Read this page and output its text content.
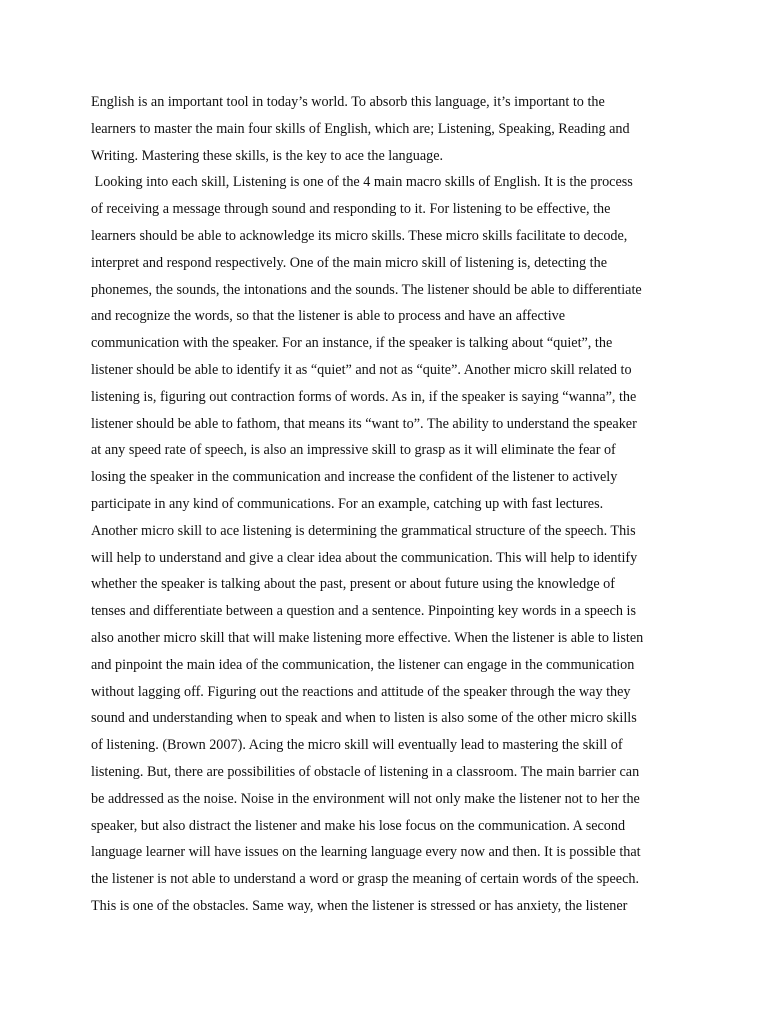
English is an important tool in today’s world. To absorb this language, it’s important to the
learners to master the main four skills of English, which are; Listening, Speaking, Reading and
Writing. Mastering these skills, is the key to ace the language.
Looking into each skill, Listening is one of the 4 main macro skills of English. It is the process
of receiving a message through sound and responding to it. For listening to be effective, the
learners should be able to acknowledge its micro skills. These micro skills facilitate to decode,
interpret and respond respectively. One of the main micro skill of listening is, detecting the
phonemes, the sounds, the intonations and the sounds. The listener should be able to differentiate
and recognize the words, so that the listener is able to process and have an affective
communication with the speaker. For an instance, if the speaker is talking about “quiet”, the
listener should be able to identify it as “quiet” and not as “quite”. Another micro skill related to
listening is, figuring out contraction forms of words. As in, if the speaker is saying “wanna”, the
listener should be able to fathom, that means its “want to”. The ability to understand the speaker
at any speed rate of speech, is also an impressive skill to grasp as it will eliminate the fear of
losing the speaker in the communication and increase the confident of the listener to actively
participate in any kind of communications. For an example, catching up with fast lectures.
Another micro skill to ace listening is determining the grammatical structure of the speech. This
will help to understand and give a clear idea about the communication. This will help to identify
whether the speaker is talking about the past, present or about future using the knowledge of
tenses and differentiate between a question and a sentence. Pinpointing key words in a speech is
also another micro skill that will make listening more effective. When the listener is able to listen
and pinpoint the main idea of the communication, the listener can engage in the communication
without lagging off. Figuring out the reactions and attitude of the speaker through the way they
sound and understanding when to speak and when to listen is also some of the other micro skills
of listening. (Brown 2007). Acing the micro skill will eventually lead to mastering the skill of
listening. But, there are possibilities of obstacle of listening in a classroom. The main barrier can
be addressed as the noise. Noise in the environment will not only make the listener not to her the
speaker, but also distract the listener and make his lose focus on the communication. A second
language learner will have issues on the learning language every now and then. It is possible that
the listener is not able to understand a word or grasp the meaning of certain words of the speech.
This is one of the obstacles. Same way, when the listener is stressed or has anxiety, the listener
